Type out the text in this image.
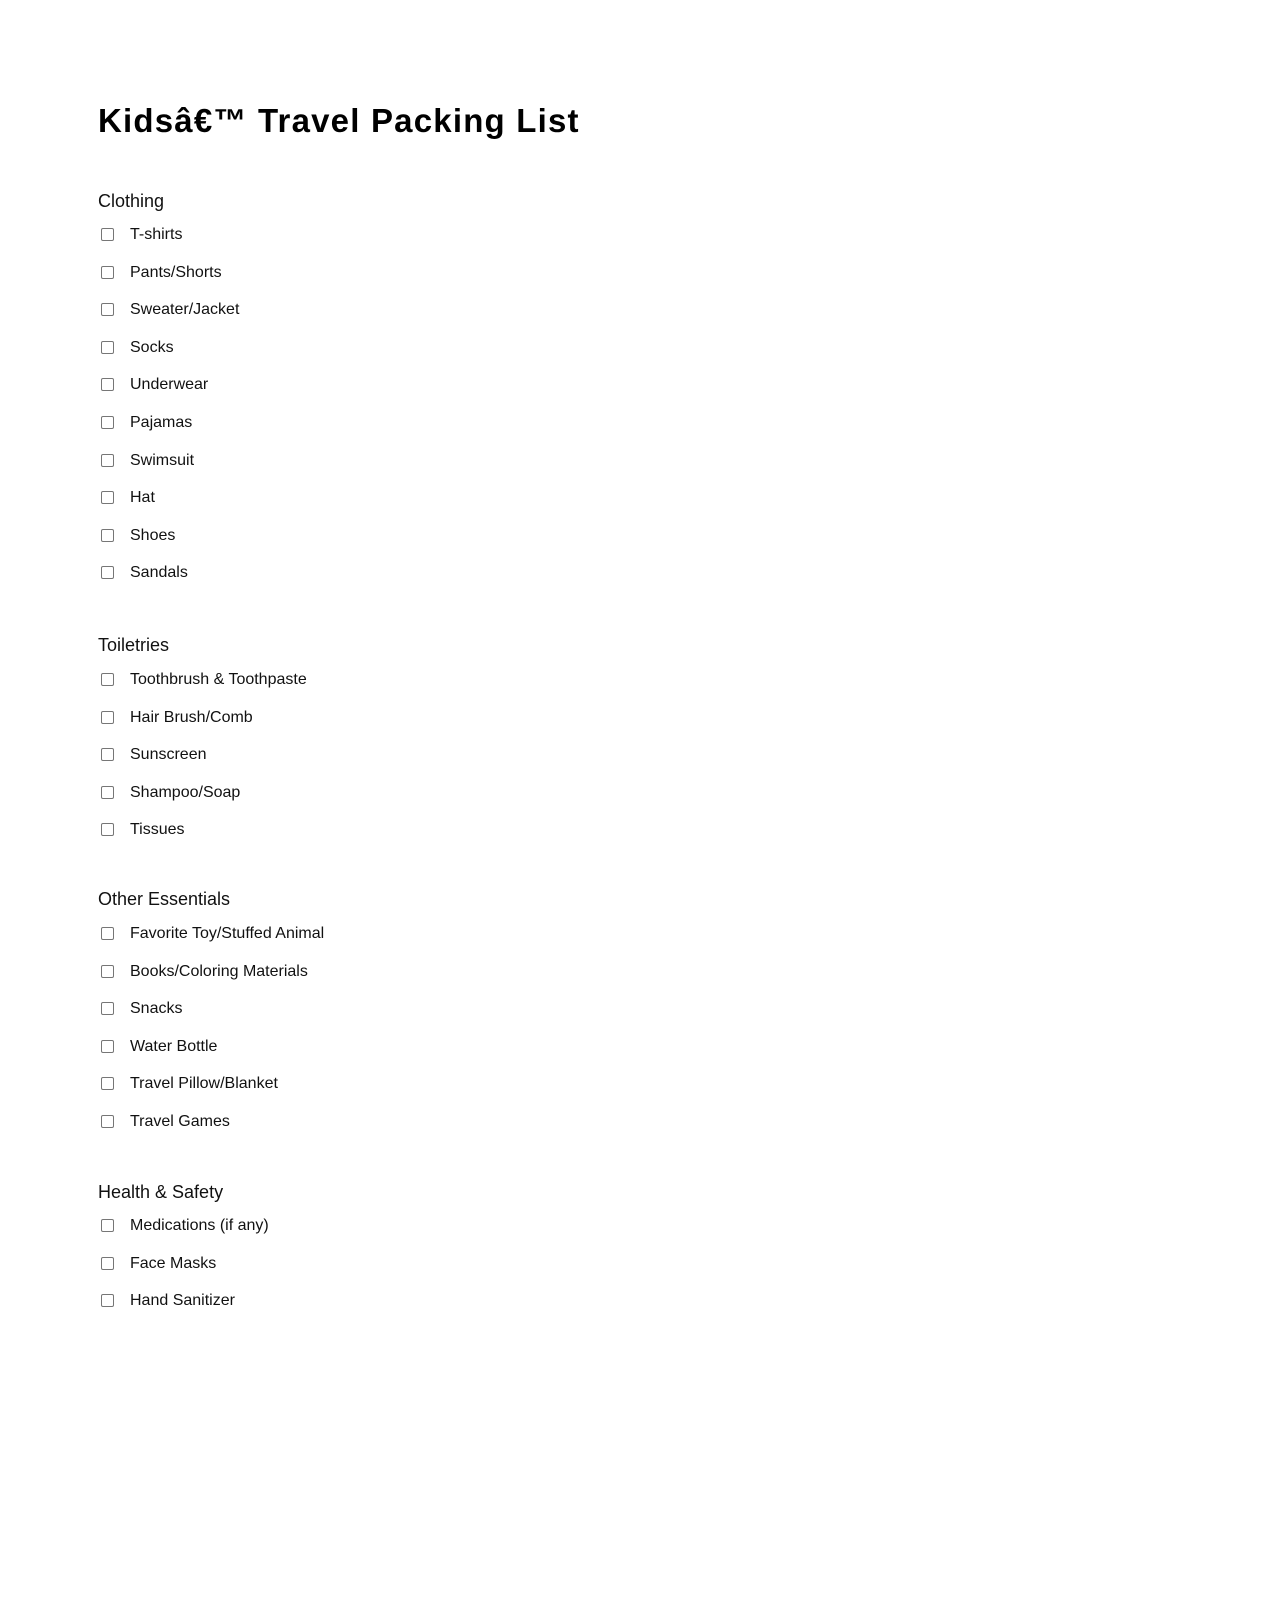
Kidsâ€™ Travel Packing List
Clothing
T-shirts
Pants/Shorts
Sweater/Jacket
Socks
Underwear
Pajamas
Swimsuit
Hat
Shoes
Sandals
Toiletries
Toothbrush & Toothpaste
Hair Brush/Comb
Sunscreen
Shampoo/Soap
Tissues
Other Essentials
Favorite Toy/Stuffed Animal
Books/Coloring Materials
Snacks
Water Bottle
Travel Pillow/Blanket
Travel Games
Health & Safety
Medications (if any)
Face Masks
Hand Sanitizer
